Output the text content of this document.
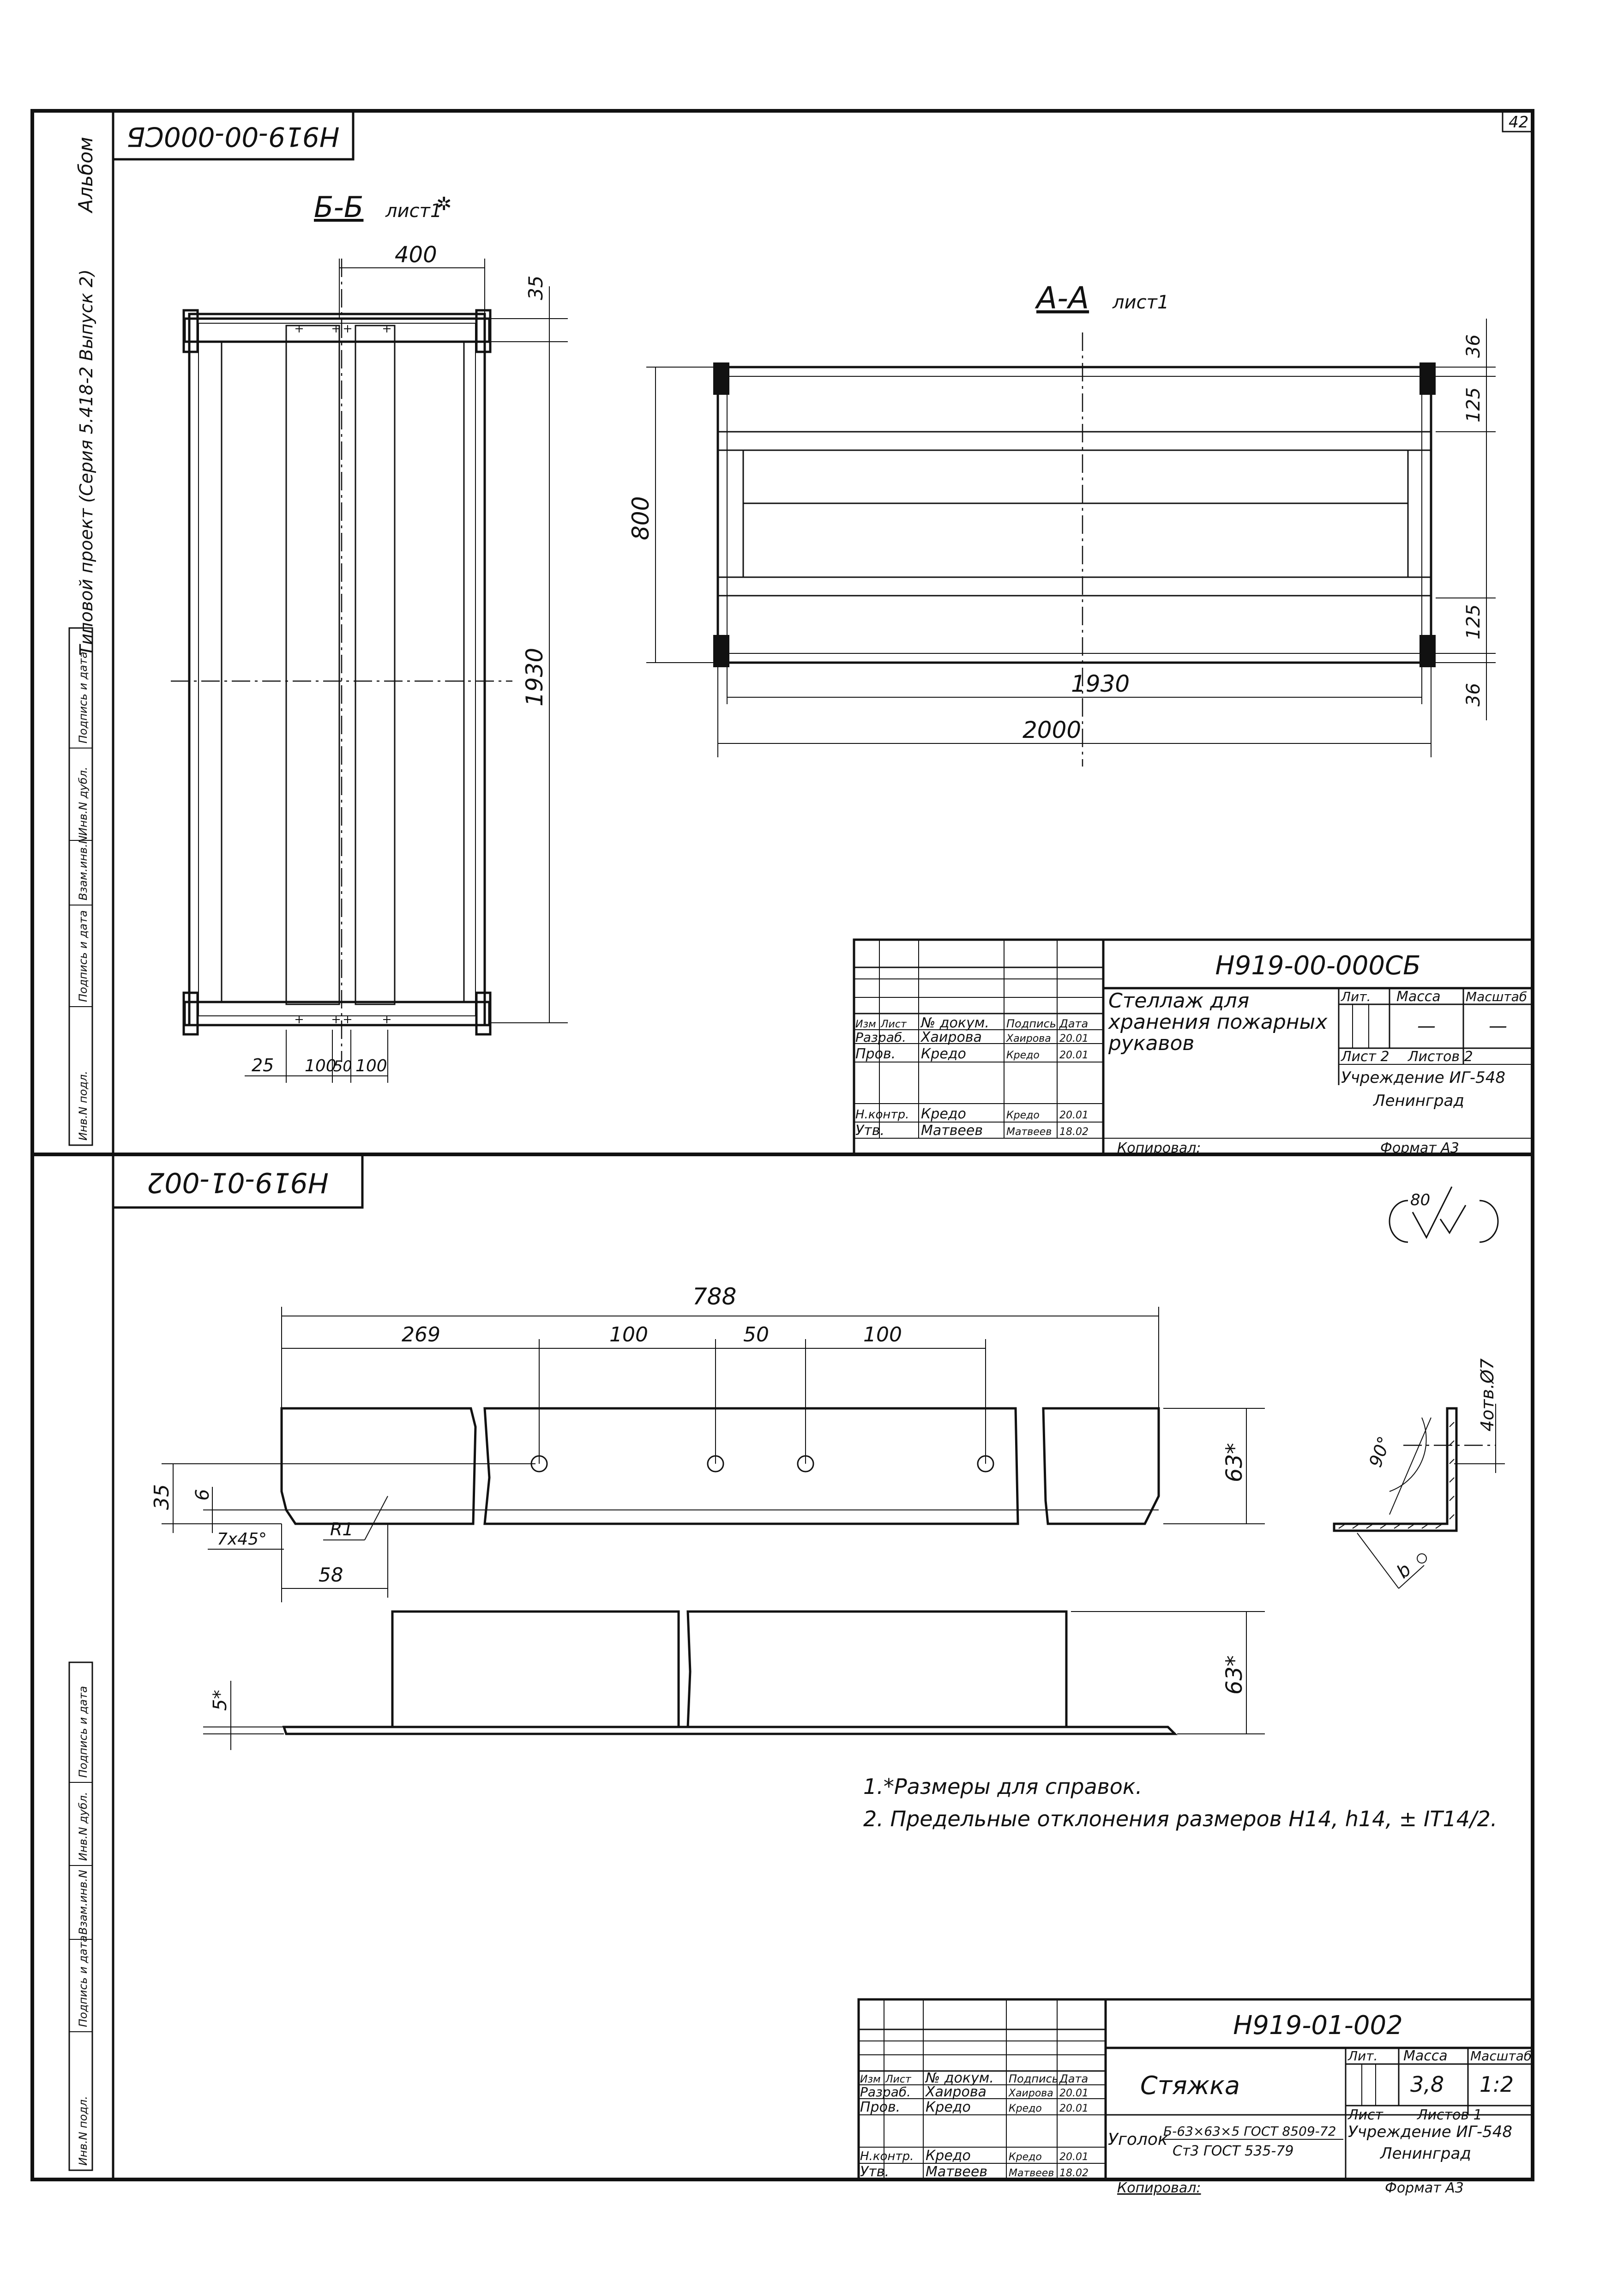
42
Альбом
Типовой проект (Серия 5.418-2 Выпуск 2)
Инв.N подл.
Подпись и дата
Взам.инв.N
Инв.N дубл.
Подпись и дата
Инв.N подл.
Подпись и дата
Взам.инв.N
Инв.N дубл.
Подпись и дата
Н919-00-000СБ
Б-Б лист1
✲
400
35
1930
25 100
50 100
А-А лист1
800
36
125
125
36
1930
2000
Н919-00-000СБ
Стеллаж для хранения пожарных рукавов
Изм Лист № докум. Подпись Дата
Разраб. Хаирова Хаирова 20.01
Пров. Кредо	Кредо 20.01
Н.контр. Кредо	Кредо 20.01
Утв.	Матвеев Матвеев 18.02
Лит. Масса Масштаб
—	—
Лист 2 Листов 2
Учреждение ИГ-548
Ленинград
Копировал:	Формат А3
Н919-01-002
80
788
269	100	50	100
63*
35 6
7x45°	R1
58
4отв.Ø7
90°
b
63*
5*
1.*Размеры для справок.
2. Предельные отклонения размеров Н14, h14, ± IT14/2.
Н919-01-002
Стяжка
Изм Лист № докум. Подпись Дата
Разраб. Хаирова Хаирова 20.01
Пров. Кредо	Кредо 20.01
Н.контр. Кредо	Кредо 20.01
Утв.	Матвеев Матвеев 18.02
Лит. Масса Масштаб
3,8 1:2
Лист Листов 1
Уголок
Б-63×63×5 ГОСТ 8509-72
Ст3 ГОСТ 535-79
Учреждение ИГ-548
Ленинград
Копировал:	Формат А3
